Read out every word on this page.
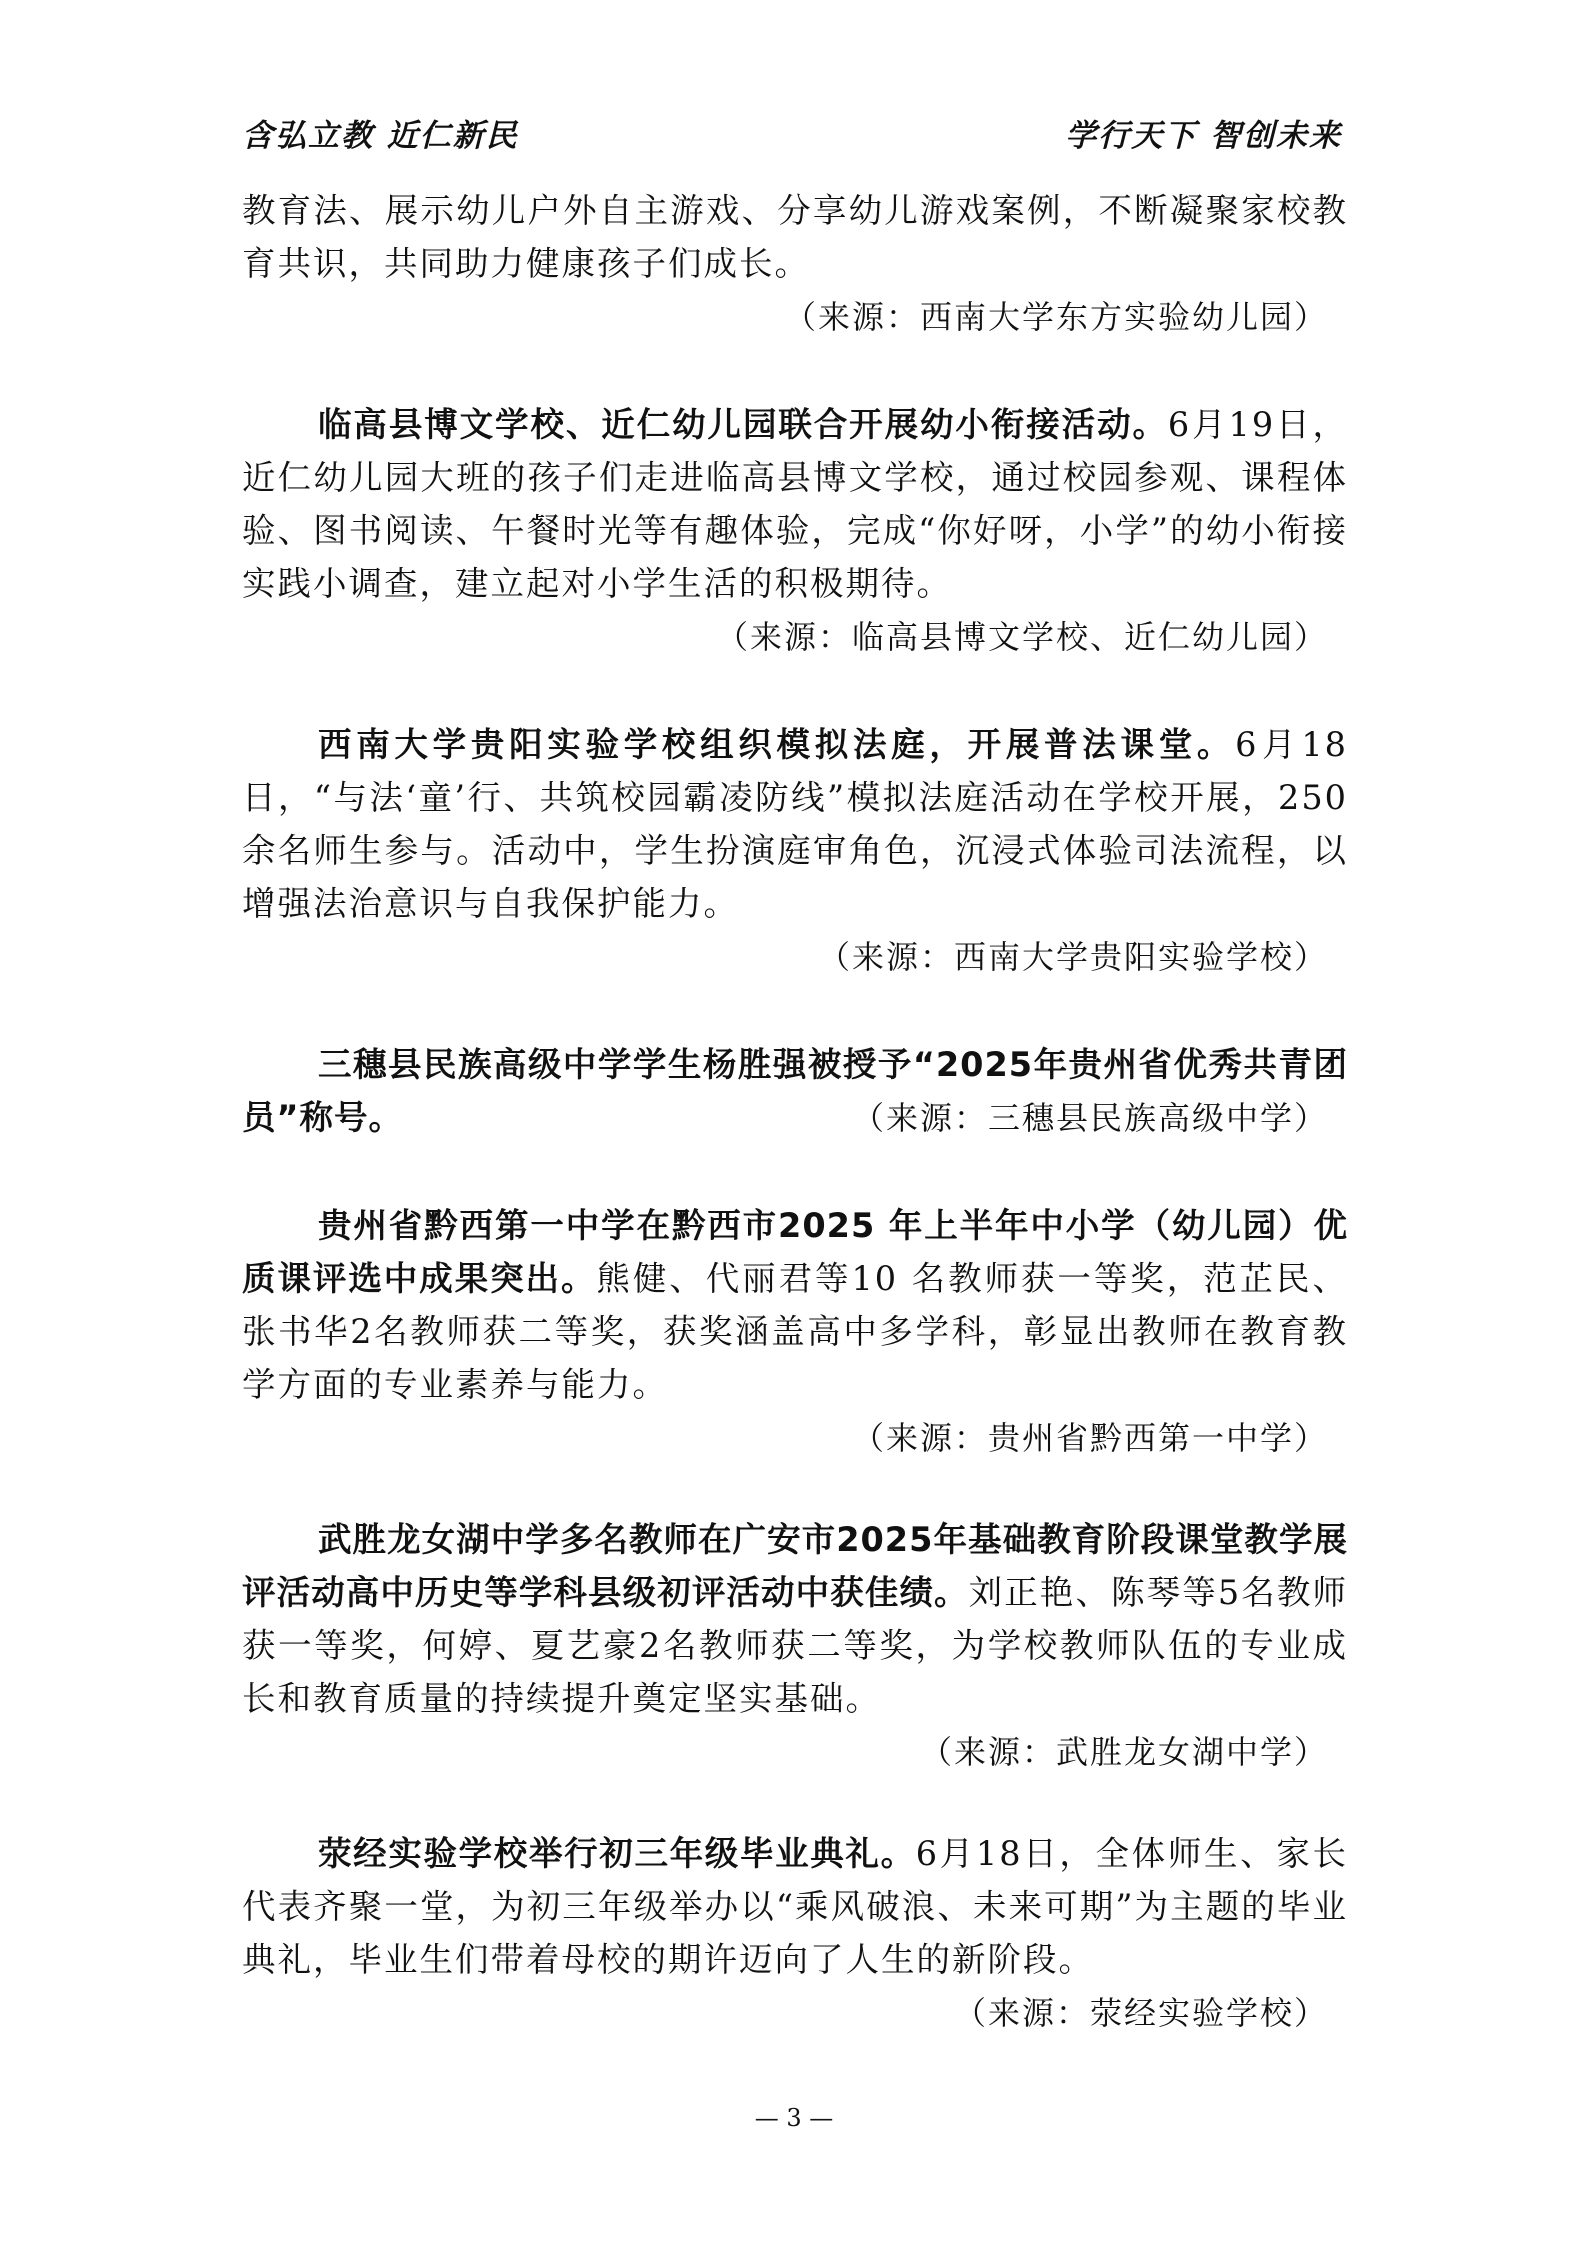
含弘立教 近仁新民	学行天下 智创未来

教育法、展示幼儿户外自主游戏、分享幼儿游戏案例，不断凝聚家校教育共识，共同助力健康孩子们成长。

（来源：西南大学东方实验幼儿园）

临高县博文学校、近仁幼儿园联合开展幼小衔接活动。6月19日，近仁幼儿园大班的孩子们走进临高县博文学校，通过校园参观、课程体验、图书阅读、午餐时光等有趣体验，完成“你好呀，小学”的幼小衔接实践小调查，建立起对小学生活的积极期待。

（来源：临高县博文学校、近仁幼儿园）

西南大学贵阳实验学校组织模拟法庭，开展普法课堂。6月18日，“与法‘童’行、共筑校园霸凌防线”模拟法庭活动在学校开展，250余名师生参与。活动中，学生扮演庭审角色，沉浸式体验司法流程，以增强法治意识与自我保护能力。

（来源：西南大学贵阳实验学校）

三穗县民族高级中学学生杨胜强被授予“2025年贵州省优秀共青团员”称号。	（来源：三穗县民族高级中学）

贵州省黔西第一中学在黔西市2025 年上半年中小学（幼儿园）优质课评选中成果突出。熊健、代丽君等10 名教师获一等奖，范芷民、张书华2名教师获二等奖，获奖涵盖高中多学科，彰显出教师在教育教学方面的专业素养与能力。

（来源：贵州省黔西第一中学）

武胜龙女湖中学多名教师在广安市2025年基础教育阶段课堂教学展评活动高中历史等学科县级初评活动中获佳绩。刘正艳、陈琴等5名教师获一等奖，何婷、夏艺豪2名教师获二等奖，为学校教师队伍的专业成长和教育质量的持续提升奠定坚实基础。

（来源：武胜龙女湖中学）

荥经实验学校举行初三年级毕业典礼。6月18日，全体师生、家长代表齐聚一堂，为初三年级举办以“乘风破浪、未来可期”为主题的毕业典礼，毕业生们带着母校的期许迈向了人生的新阶段。

（来源：荥经实验学校）

— 3 —
